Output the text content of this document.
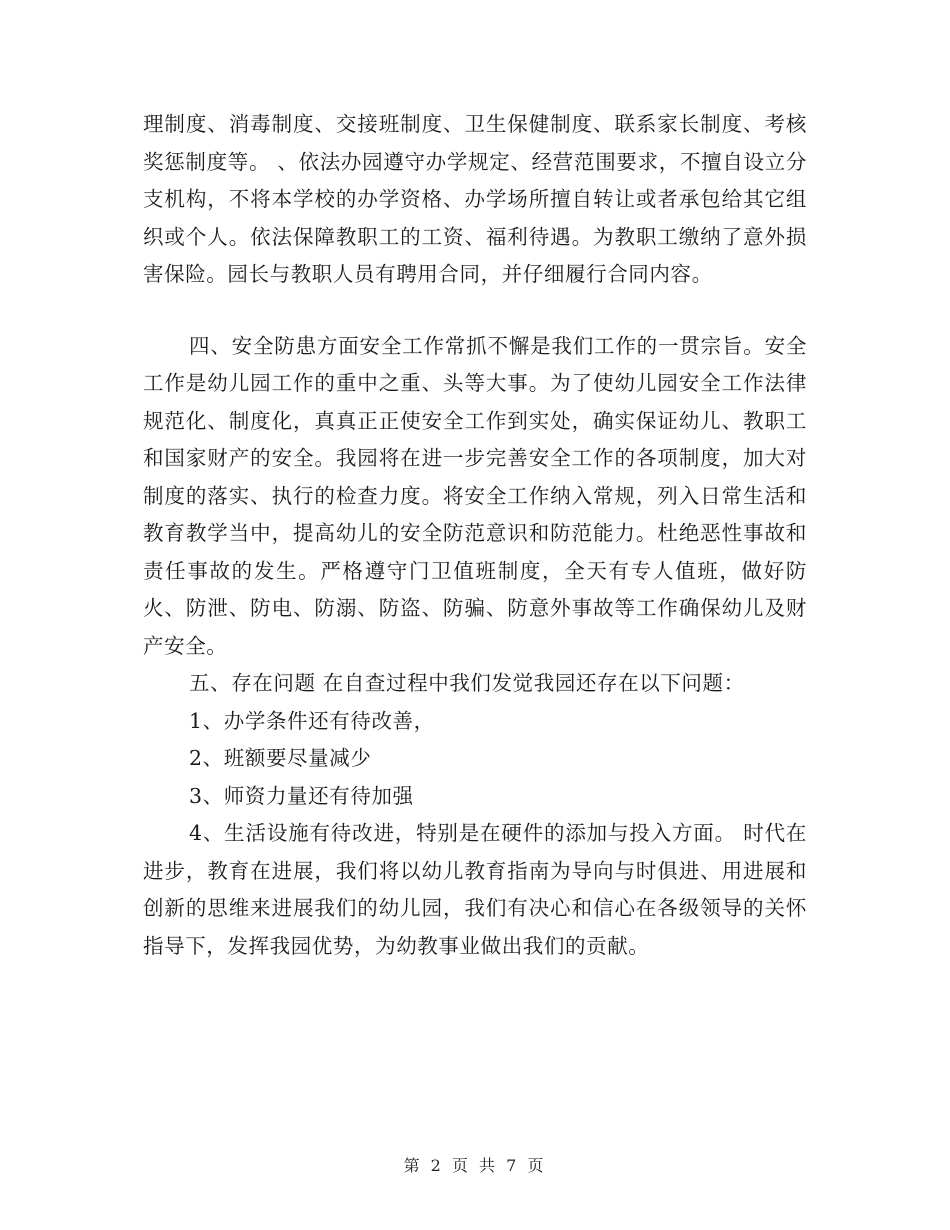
理制度、消毒制度、交接班制度、卫生保健制度、联系家长制度、考核奖惩制度等。 、依法办园遵守办学规定、经营范围要求，不擅自设立分支机构，不将本学校的办学资格、办学场所擅自转让或者承包给其它组织或个人。依法保障教职工的工资、福利待遇。为教职工缴纳了意外损害保险。园长与教职人员有聘用合同，并仔细履行合同内容。

四、安全防患方面安全工作常抓不懈是我们工作的一贯宗旨。安全工作是幼儿园工作的重中之重、头等大事。为了使幼儿园安全工作法律规范化、制度化，真真正正使安全工作到实处，确实保证幼儿、教职工和国家财产的安全。我园将在进一步完善安全工作的各项制度，加大对制度的落实、执行的检查力度。将安全工作纳入常规，列入日常生活和教育教学当中，提高幼儿的安全防范意识和防范能力。杜绝恶性事故和责任事故的发生。严格遵守门卫值班制度，全天有专人值班，做好防火、防泄、防电、防溺、防盗、防骗、防意外事故等工作确保幼儿及财产安全。

五、存在问题 在自查过程中我们发觉我园还存在以下问题：

1、办学条件还有待改善，

2、班额要尽量减少

3、师资力量还有待加强

4、生活设施有待改进，特别是在硬件的添加与投入方面。 时代在进步，教育在进展，我们将以幼儿教育指南为导向与时俱进、用进展和创新的思维来进展我们的幼儿园，我们有决心和信心在各级领导的关怀指导下，发挥我园优势，为幼教事业做出我们的贡献。

第 2 页 共 7 页
